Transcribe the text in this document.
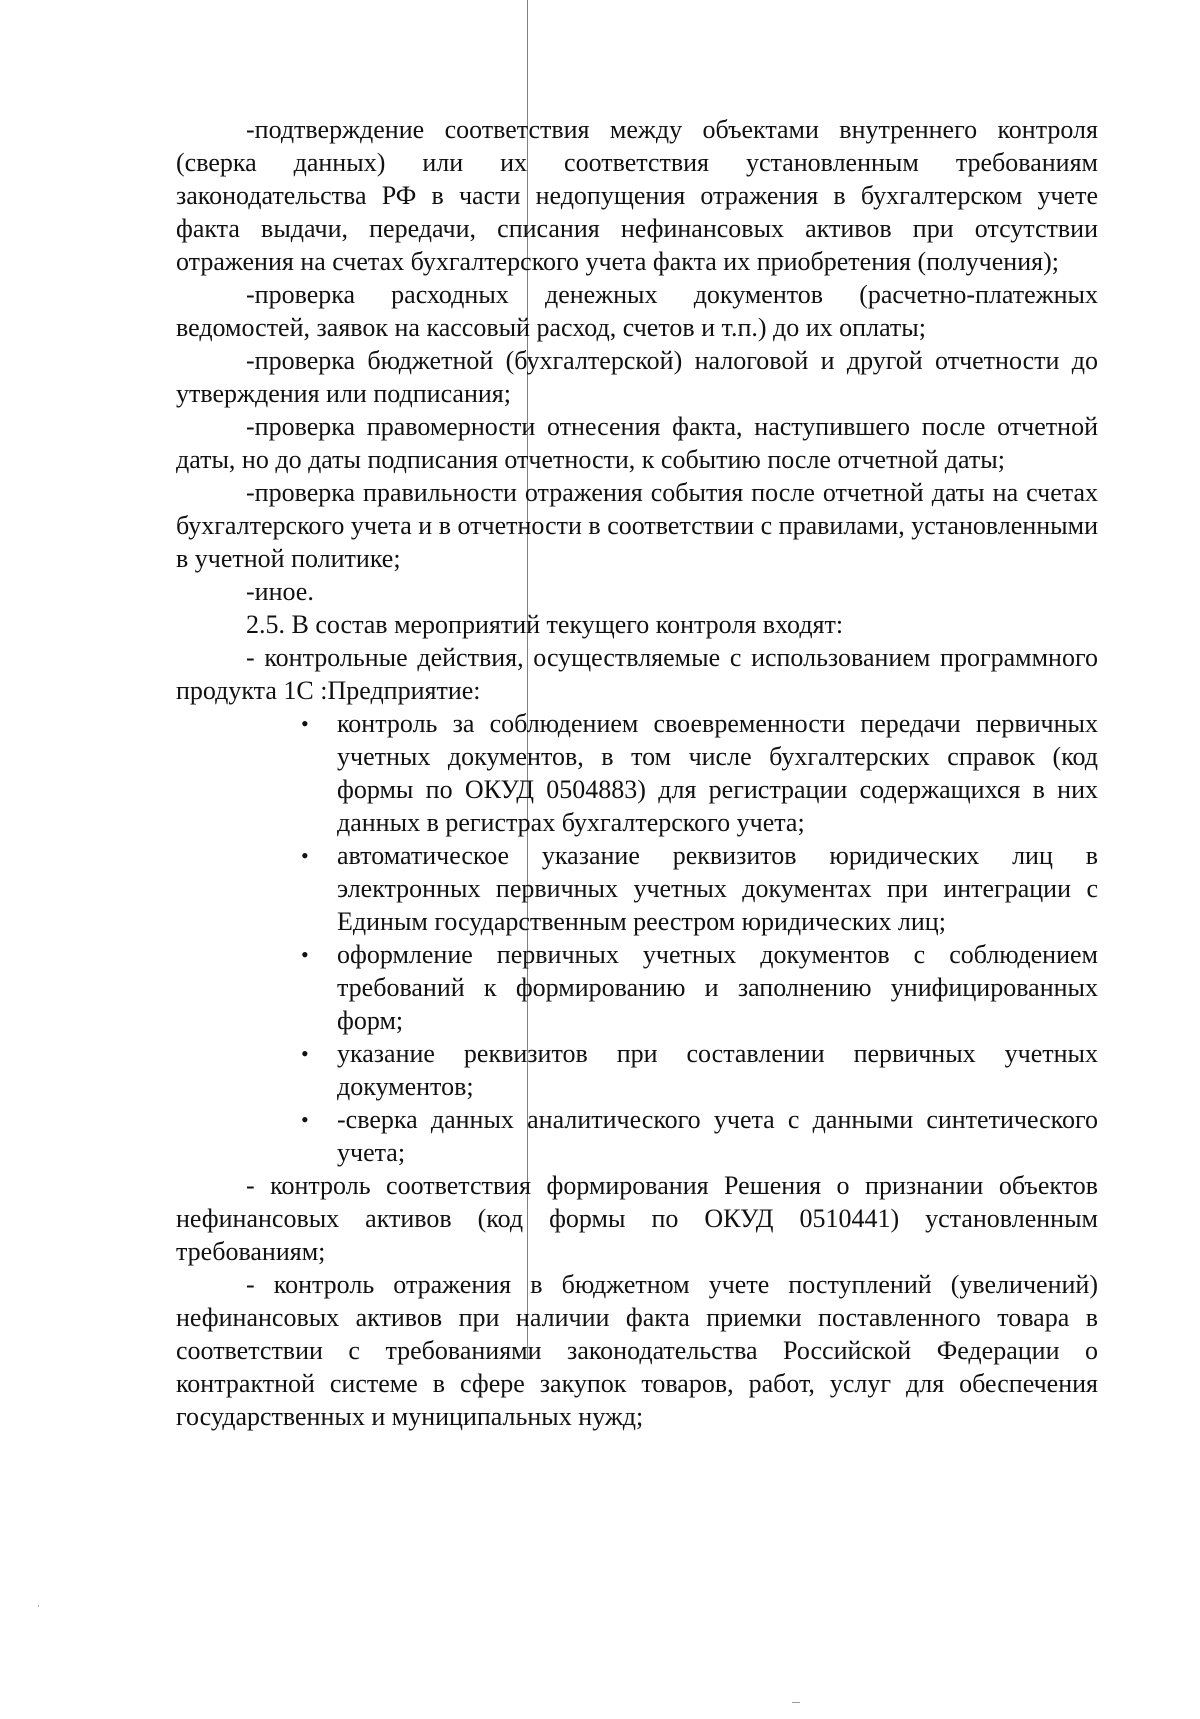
-подтверждение соответствия между объектами внутреннего контроля (сверка данных) или их соответствия установленным требованиям законодательства РФ в части недопущения отражения в бухгалтерском учете факта выдачи, передачи, списания нефинансовых активов при отсутствии отражения на счетах бухгалтерского учета факта их приобретения (получения);

-проверка расходных денежных документов (расчетно-платежных ведомостей, заявок на кассовый расход, счетов и т.п.) до их оплаты;

-проверка бюджетной (бухгалтерской) налоговой и другой отчетности до утверждения или подписания;

-проверка правомерности отнесения факта, наступившего после отчетной даты, но до даты подписания отчетности, к событию после отчетной даты;

-проверка правильности отражения события после отчетной даты на счетах бухгалтерского учета и в отчетности в соответствии с правилами, установленными в учетной политике;

-иное.

2.5. В состав мероприятий текущего контроля входят:

- контрольные действия, осуществляемые с использованием программного продукта 1С :Предприятие:

• контроль за соблюдением своевременности передачи первичных учетных документов, в том числе бухгалтерских справок (код формы по ОКУД 0504883) для регистрации содержащихся в них данных в регистрах бухгалтерского учета;
• автоматическое указание реквизитов юридических лиц в электронных первичных учетных документах при интеграции с Единым государственным реестром юридических лиц;
• оформление первичных учетных документов с соблюдением требований к формированию и заполнению унифицированных форм;
• указание реквизитов при составлении первичных учетных документов;
• -сверка данных аналитического учета с данными синтетического учета;

- контроль соответствия формирования Решения о признании объектов нефинансовых активов (код формы по ОКУД 0510441) установленным требованиям;

- контроль отражения в бюджетном учете поступлений (увеличений) нефинансовых активов при наличии факта приемки поставленного товара в соответствии с требованиями законодательства Российской Федерации о контрактной системе в сфере закупок товаров, работ, услуг для обеспечения государственных и муниципальных нужд;
